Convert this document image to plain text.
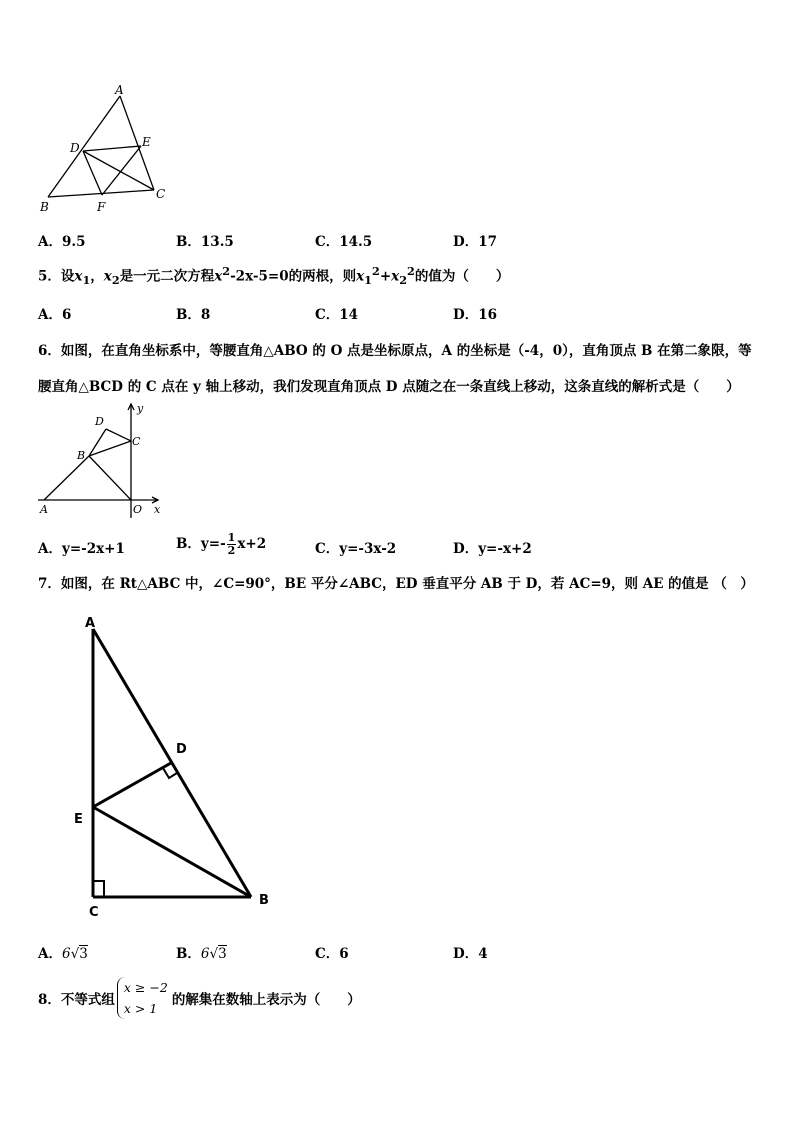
A
D	E
C
B	F
A．9.5	B．13.5	C．14.5	D．17
5．设$x_1$，$x_2$是一元二次方程$x^2-2x-5=0$的两根，则$x_1^2+x_2^2$的值为（　　）
A．6	B．8	C．14	D．16
6．如图，在直角坐标系中，等腰直角△ABO 的 O 点是坐标原点，A 的坐标是（-4，0），直角顶点 B 在第二象限，等
腰直角△BCD 的 C 点在 y 轴上移动，我们发现直角顶点 D 点随之在一条直线上移动，这条直线的解析式是（　　）
y
D
C
B
A	O x
A．y=-2x+1	B．$y=- \frac{1}{2} x+2$	C．y=-3x-2	D．y=-x+2
7．如图，在 Rt△ABC 中，∠C=90°，BE 平分∠ABC，ED 垂直平分 AB 于 D，若 AC=9，则 AE 的值是 （　）
A
D
E
C
B
A．6√3	B．6√3	C．6	D．4
8．不等式组
x ≥ −2
x > 1
的解集在数轴上表示为（　　）
